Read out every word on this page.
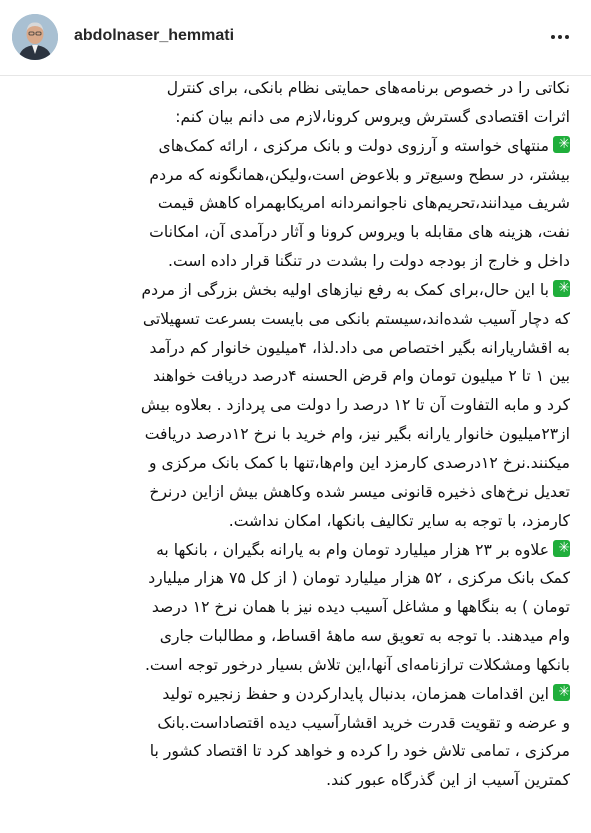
abdolnaser_hemmati
نکاتی را در خصوص برنامه‌های حمایتی نظام بانکی، برای کنترل
اثرات اقتصادی گسترش ویروس کرونا،لازم می دانم بیان کنم:
✳منتهای خواسته و آرزوی دولت و بانک مرکزی ، ارائه کمک‌های
بیشتر، در سطح وسیع‌تر و بلاعوض است،ولیکن،همانگونه که مردم
شریف میدانند،تحریم‌های ناجوانمردانه امریکابهمراه کاهش قیمت
نفت، هزینه های مقابله با ویروس کرونا و آثار درآمدی آن، امکانات
داخل و خارج از بودجه دولت را بشدت در تنگنا قرار داده است.
✳با این حال،برای کمک به رفع نیازهای اولیه بخش بزرگی از مردم
که دچار آسیب شده‌اند،سیستم بانکی می بایست بسرعت تسهیلاتی
به اقشاریارانه بگیر اختصاص می داد.لذا، ۴میلیون خانوار کم درآمد
بین ۱ تا ۲ میلیون تومان وام قرض الحسنه ۴درصد دریافت خواهند
کرد و مابه التفاوت آن تا ۱۲ درصد را دولت می پردازد . بعلاوه بیش
از۲۳میلیون خانوار یارانه بگیر نیز، وام خرید با نرخ ۱۲درصد دریافت
میکنند.نرخ ۱۲درصدی کارمزد این وام‌ها،تنها با کمک بانک مرکزی و
تعدیل نرخ‌های ذخیره قانونی میسر شده وکاهش بیش ازاین درنرخ
کارمزد، با توجه به سایر تکالیف بانکها، امکان نداشت.
✳علاوه بر ۲۳ هزار میلیارد تومان وام به یارانه بگیران ، بانکها به
کمک بانک مرکزی ، ۵۲ هزار میلیارد تومان ( از کل ۷۵ هزار میلیارد
تومان ) به بنگاهها و مشاغل آسیب دیده نیز با همان نرخ ۱۲ درصد
وام میدهند. با توجه به تعویق سه ماهۀ اقساط، و مطالبات جاری
بانکها ومشکلات ترازنامه‌ای آنها،این تلاش بسیار درخور توجه است.
✳این اقدامات همزمان، بدنبال پایدارکردن و حفظ زنجیره تولید
و عرضه و تقویت قدرت خرید اقشارآسیب دیده اقتصاداست.بانک
مرکزی ، تمامی تلاش خود را کرده و خواهد کرد تا اقتصاد کشور با
کمترین آسیب از این گذرگاه عبور کند.
